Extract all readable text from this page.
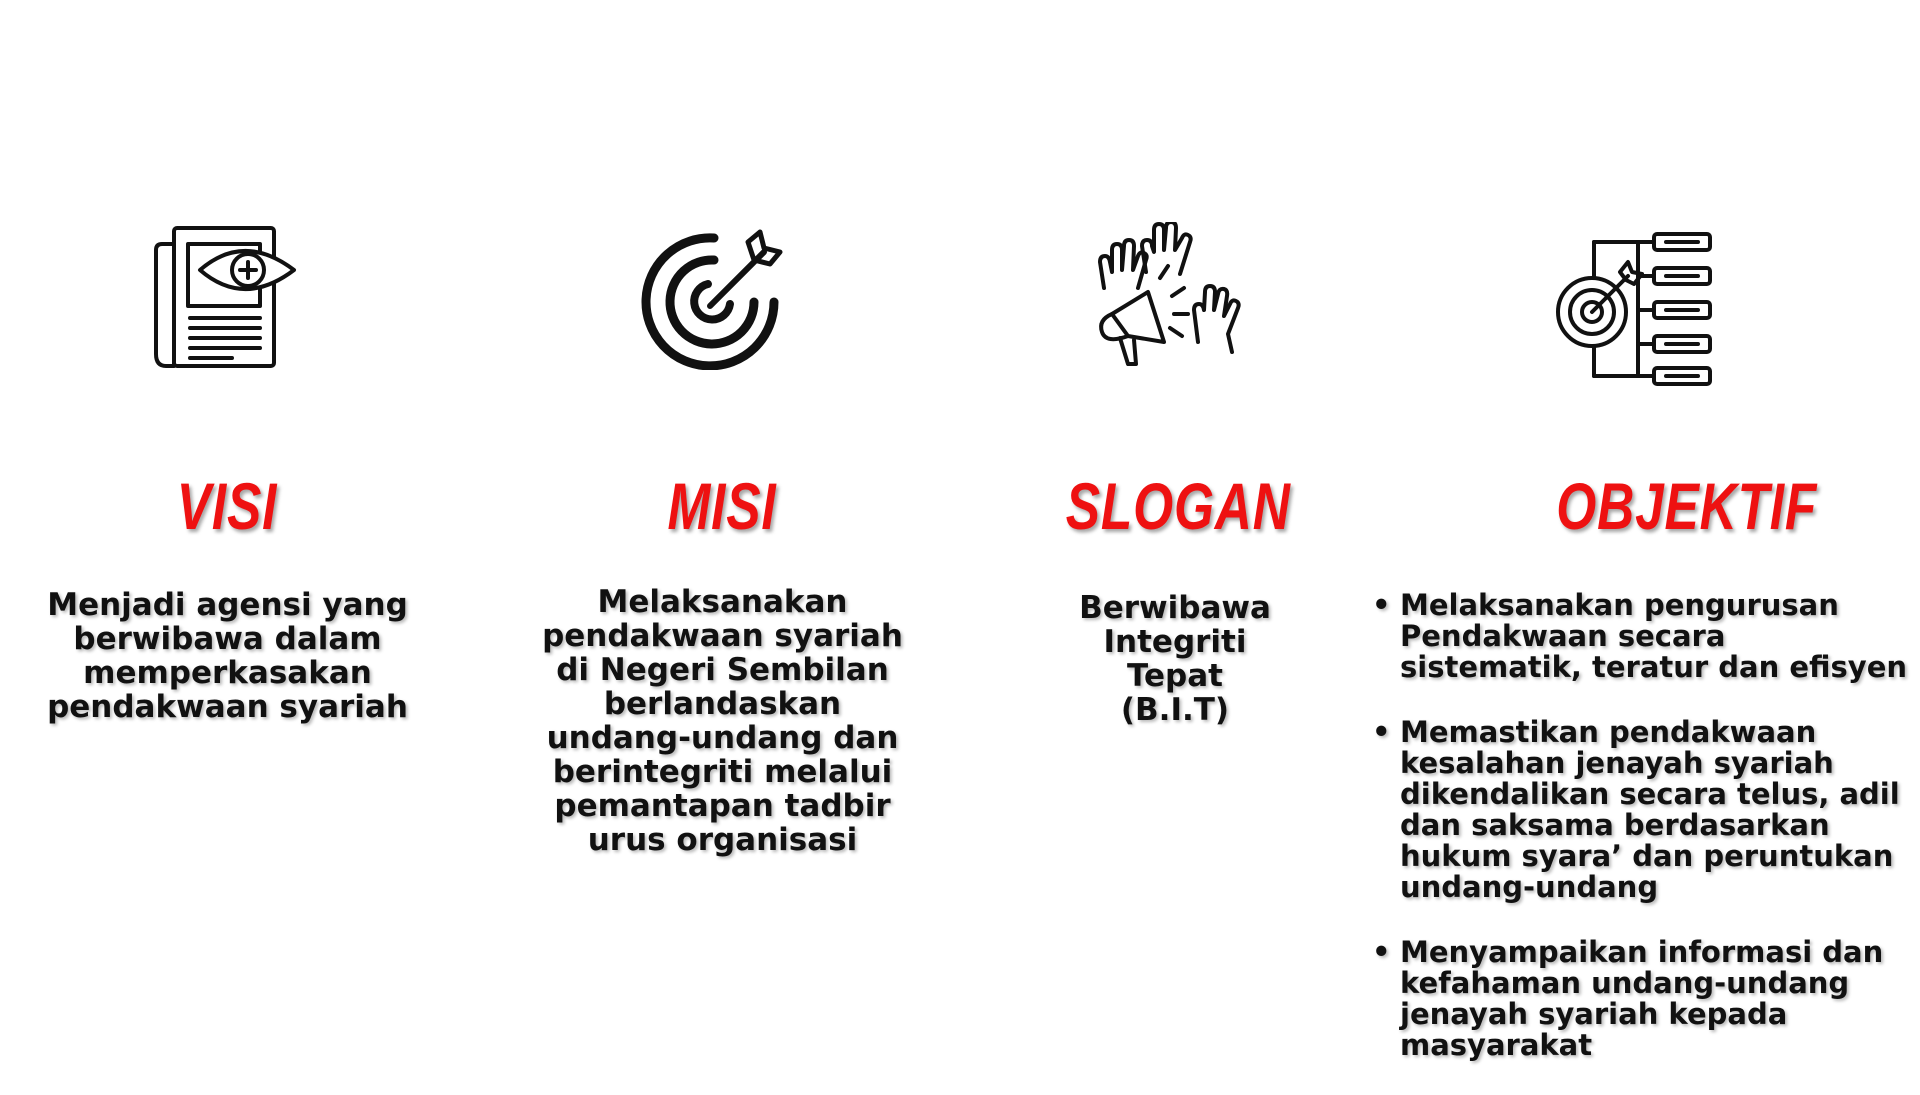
VISI	MISI	SLOGAN	OBJEKTIF
Menjadi agensi yang berwibawa dalam memperkasakan pendakwaan syariah
Melaksanakan pendakwaan syariah di Negeri Sembilan berlandaskan undang-undang dan berintegriti melalui pemantapan tadbir urus organisasi
Berwibawa
Integriti
Tepat
(B.I.T)
• Melaksanakan pengurusan Pendakwaan secara sistematik, teratur dan efisyen
• Memastikan pendakwaan kesalahan jenayah syariah dikendalikan secara telus, adil dan saksama berdasarkan hukum syara’ dan peruntukan undang-undang
• Menyampaikan informasi dan kefahaman undang-undang jenayah syariah kepada masyarakat
